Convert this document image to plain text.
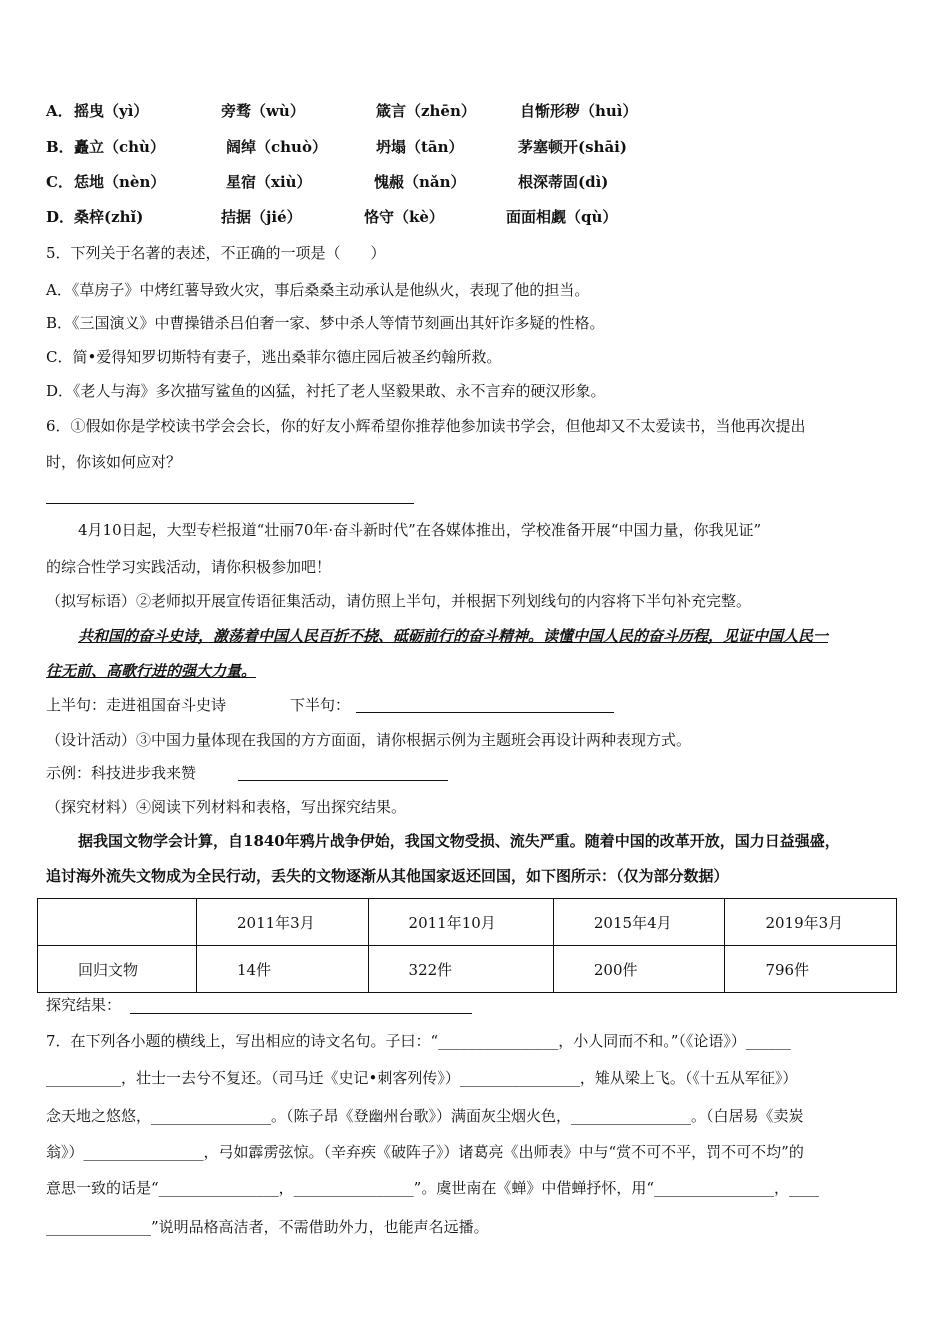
A． 摇曳（yì）	旁骛（wù）	箴言（zhēn）	自惭形秽（huì）
B． 矗立（chù）	阔绰（chuò）	坍塌（tān）	茅塞顿开(shāi)
C． 恁地（nèn）	星宿（xiù）	愧赧（nǎn）	根深蒂固(dì)
D． 桑梓(zhǐ)	拮据（jié）	恪守（kè）	面面相觑（qù）
5．下列关于名著的表述，不正确的一项是（　　）
A．《草房子》中烤红薯导致火灾，事后桑桑主动承认是他纵火，表现了他的担当。
B．《三国演义》中曹操错杀吕伯奢一家、梦中杀人等情节刻画出其奸诈多疑的性格。
C．简•爱得知罗切斯特有妻子，逃出桑菲尔德庄园后被圣约翰所救。
D．《老人与海》多次描写鲨鱼的凶猛，衬托了老人坚毅果敢、永不言弃的硬汉形象。
6．①假如你是学校读书学会会长，你的好友小辉希望你推荐他参加读书学会，但他却又不太爱读书，当他再次提出
时，你该如何应对？
4月10日起，大型专栏报道“壮丽70年·奋斗新时代”在各媒体推出，学校准备开展“中国力量，你我见证”
的综合性学习实践活动，请你积极参加吧！
（拟写标语）②老师拟开展宣传语征集活动，请仿照上半句，并根据下列划线句的内容将下半句补充完整。
共和国的奋斗史诗，激荡着中国人民百折不挠、砥砺前行的奋斗精神。读懂中国人民的奋斗历程，见证中国人民一
往无前、高歌行进的强大力量。
上半句：走进祖国奋斗史诗	下半句：
（设计活动）③中国力量体现在我国的方方面面，请你根据示例为主题班会再设计两种表现方式。
示例：科技进步我来赞
（探究材料）④阅读下列材料和表格，写出探究结果。
据我国文物学会计算，自1840年鸦片战争伊始，我国文物受损、流失严重。随着中国的改革开放，国力日益强盛，
追讨海外流失文物成为全民行动，丢失的文物逐渐从其他国家返还回国，如下图所示：（仅为部分数据）
	2011年3月	2011年10月	2015年4月	2019年3月
回归文物	14件	322件	200件	796件
探究结果：
7．在下列各小题的横线上，写出相应的诗文名句。子曰：“________________，小人同而不和。”（《论语》）______
__________，壮士一去兮不复还。（司马迁《史记•刺客列传》）________________，雉从梁上飞。（《十五从军征》）
念天地之悠悠，________________。（陈子昂《登幽州台歌》）满面灰尘烟火色，________________。（白居易《卖炭
翁》）________________，弓如霹雳弦惊。（辛弃疾《破阵子》）诸葛亮《出师表》中与“赏不可不平，罚不可不均”的
意思一致的话是“________________，________________”。虞世南在《蝉》中借蝉抒怀，用“________________，____
______________”说明品格高洁者，不需借助外力，也能声名远播。
